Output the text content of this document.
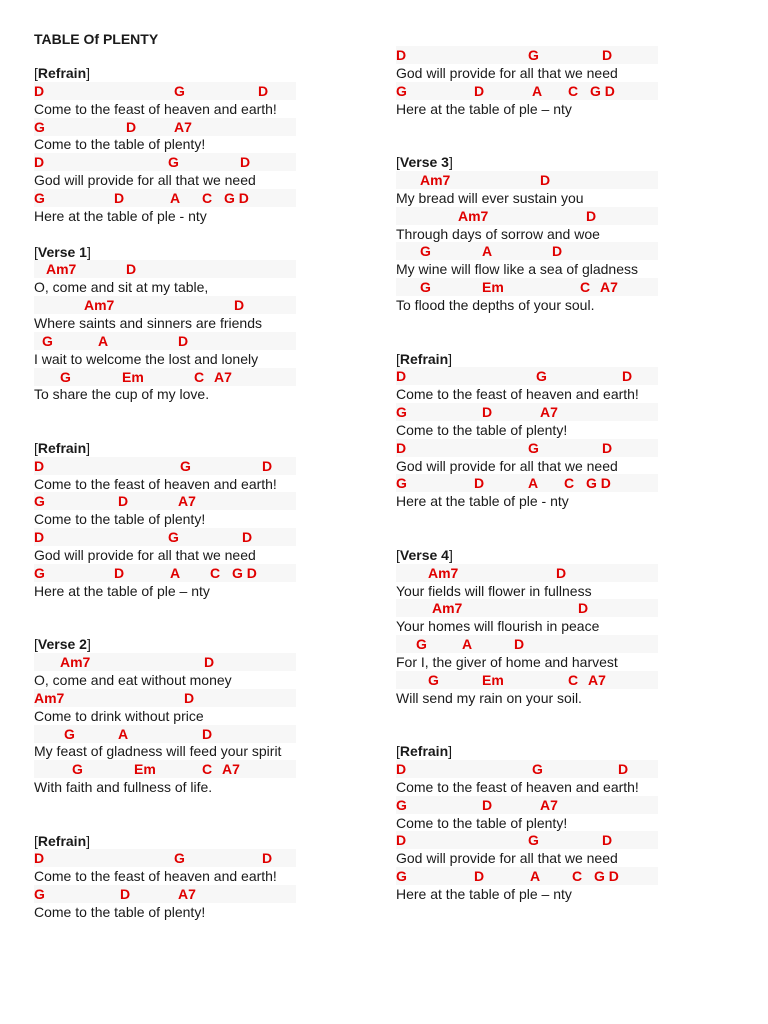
TABLE Of PLENTY
[Refrain]
D	G	D
Come to the feast of heaven and earth!
G	D	A7
Come to the table of plenty!
D	G	D
God will provide for all that we need
G	D	A C G D
Here at the table of ple - nty
[Verse 1]
Am7	D
O, come and sit at my table,
Am7	D
Where saints and sinners are friends
G	A	D
I wait to welcome the lost and lonely
G	Em	C A7
To share the cup of my love.
[Refrain]
D	G	D
Come to the feast of heaven and earth!
G	D	A7
Come to the table of plenty!
D	G	D
God will provide for all that we need
G	D	A C G D
Here at the table of ple – nty
[Verse 2]
Am7	D
O, come and eat without money
Am7	D
Come to drink without price
G	A	D
My feast of gladness will feed your spirit
G	Em	C A7
With faith and fullness of life.
[Refrain]
D	G	D
Come to the feast of heaven and earth!
G	D	A7
Come to the table of plenty!
D	G	D
God will provide for all that we need
G	D	A C G D
Here at the table of ple – nty
[Verse 3]
Am7	D
My bread will ever sustain you
Am7	D
Through days of sorrow and woe
G	A	D
My wine will flow like a sea of gladness
G	Em	C A7
To flood the depths of your soul.
[Refrain]
D	G	D
Come to the feast of heaven and earth!
G	D	A7
Come to the table of plenty!
D	G	D
God will provide for all that we need
G	D	A C G D
Here at the table of ple - nty
[Verse 4]
Am7	D
Your fields will flower in fullness
Am7	D
Your homes will flourish in peace
G	A	D
For I, the giver of home and harvest
G	Em	C A7
Will send my rain on your soil.
[Refrain]
D	G	D
Come to the feast of heaven and earth!
G	D	A7
Come to the table of plenty!
D	G	D
God will provide for all that we need
G	D	A C G D
Here at the table of ple – nty
